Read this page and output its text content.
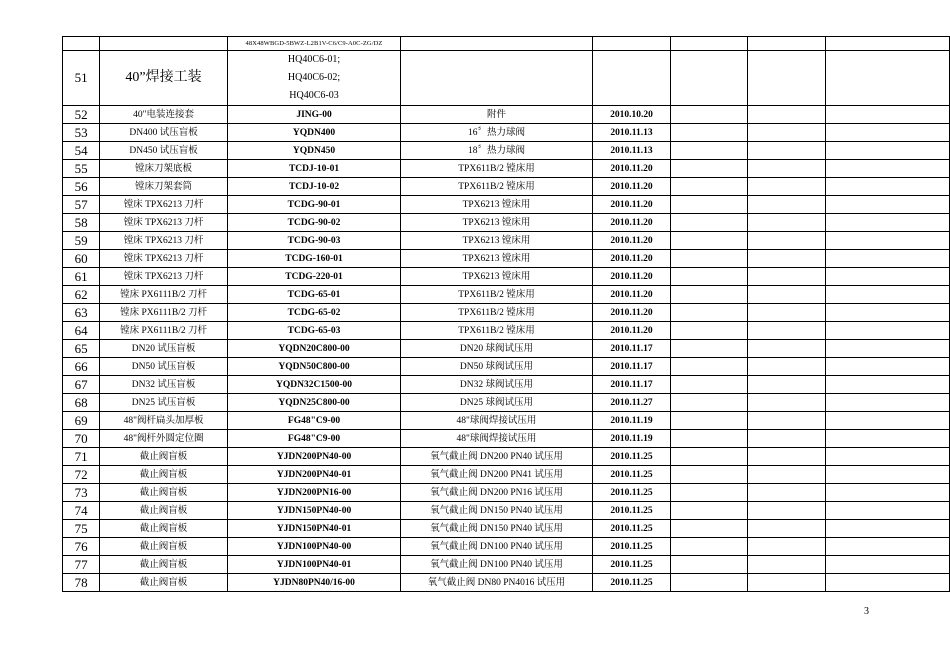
		48X48WBGD-5BWZ-L2B1V-C6/C9-A0C-ZG/DZ					
51	40”焊接工装	HQ40C6-01;
HQ40C6-02;
HQ40C6-03					

52	40"电装连接套	JING-00	附件	2010.10.20			
53	DN400 试压盲板	YQDN400	16〞热力球阀	2010.11.13			
54	DN450 试压盲板	YQDN450	18〞热力球阀	2010.11.13			
55	镗床刀架底板	TCDJ-10-01	TPX611B/2 镗床用	2010.11.20			
56	镗床刀架套筒	TCDJ-10-02	TPX611B/2 镗床用	2010.11.20			
57	镗床 TPX6213 刀杆	TCDG-90-01	TPX6213 镗床用	2010.11.20			
58	镗床 TPX6213 刀杆	TCDG-90-02	TPX6213 镗床用	2010.11.20			
59	镗床 TPX6213 刀杆	TCDG-90-03	TPX6213 镗床用	2010.11.20			
60	镗床 TPX6213 刀杆	TCDG-160-01	TPX6213 镗床用	2010.11.20			
61	镗床 TPX6213 刀杆	TCDG-220-01	TPX6213 镗床用	2010.11.20			
62	镗床 PX6111B/2 刀杆	TCDG-65-01	TPX611B/2 镗床用	2010.11.20			
63	镗床 PX6111B/2 刀杆	TCDG-65-02	TPX611B/2 镗床用	2010.11.20			
64	镗床 PX6111B/2 刀杆	TCDG-65-03	TPX611B/2 镗床用	2010.11.20			
65	DN20 试压盲板	YQDN20C800-00	DN20 球阀试压用	2010.11.17			
66	DN50 试压盲板	YQDN50C800-00	DN50 球阀试压用	2010.11.17			
67	DN32 试压盲板	YQDN32C1500-00	DN32 球阀试压用	2010.11.17			
68	DN25 试压盲板	YQDN25C800-00	DN25 球阀试压用	2010.11.27			
69	48"阀杆扁头加厚板	FG48"C9-00	48"球阀焊接试压用	2010.11.19			
70	48"阀杆外圆定位圈	FG48"C9-00	48"球阀焊接试压用	2010.11.19			
71	截止阀盲板	YJDN200PN40-00	氧气截止阀 DN200 PN40 试压用	2010.11.25			
72	截止阀盲板	YJDN200PN40-01	氧气截止阀 DN200 PN41 试压用	2010.11.25			
73	截止阀盲板	YJDN200PN16-00	氧气截止阀 DN200 PN16 试压用	2010.11.25			
74	截止阀盲板	YJDN150PN40-00	氧气截止阀 DN150 PN40 试压用	2010.11.25			
75	截止阀盲板	YJDN150PN40-01	氧气截止阀 DN150 PN40 试压用	2010.11.25			
76	截止阀盲板	YJDN100PN40-00	氧气截止阀 DN100 PN40 试压用	2010.11.25			
77	截止阀盲板	YJDN100PN40-01	氧气截止阀 DN100 PN40 试压用	2010.11.25			
78	截止阀盲板	YJDN80PN40/16-00	氧气截止阀 DN80 PN4016 试压用	2010.11.25			
3
